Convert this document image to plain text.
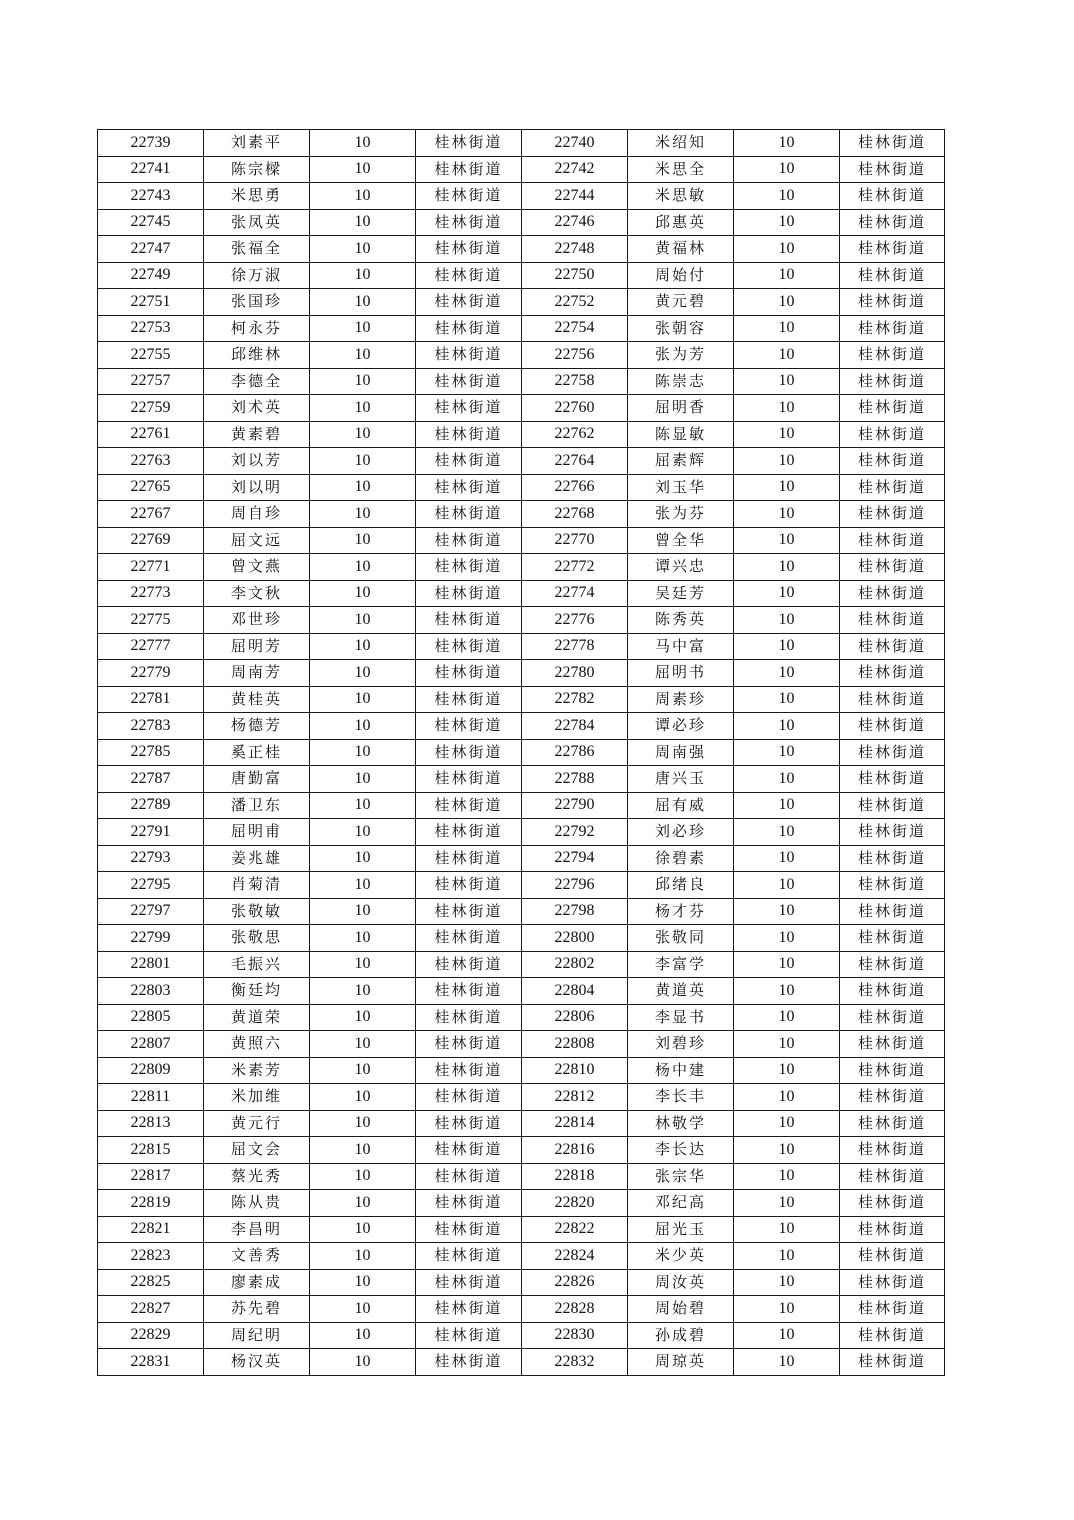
22739	刘素平	10	桂林街道	22740	米绍知	10	桂林街道
22741	陈宗樑	10	桂林街道	22742	米思全	10	桂林街道
22743	米思勇	10	桂林街道	22744	米思敏	10	桂林街道
22745	张凤英	10	桂林街道	22746	邱惠英	10	桂林街道
22747	张福全	10	桂林街道	22748	黄福林	10	桂林街道
22749	徐万淑	10	桂林街道	22750	周始付	10	桂林街道
22751	张国珍	10	桂林街道	22752	黄元碧	10	桂林街道
22753	柯永芬	10	桂林街道	22754	张朝容	10	桂林街道
22755	邱维林	10	桂林街道	22756	张为芳	10	桂林街道
22757	李德全	10	桂林街道	22758	陈崇志	10	桂林街道
22759	刘术英	10	桂林街道	22760	屈明香	10	桂林街道
22761	黄素碧	10	桂林街道	22762	陈显敏	10	桂林街道
22763	刘以芳	10	桂林街道	22764	屈素辉	10	桂林街道
22765	刘以明	10	桂林街道	22766	刘玉华	10	桂林街道
22767	周自珍	10	桂林街道	22768	张为芬	10	桂林街道
22769	屈文远	10	桂林街道	22770	曾全华	10	桂林街道
22771	曾文燕	10	桂林街道	22772	谭兴忠	10	桂林街道
22773	李文秋	10	桂林街道	22774	吴廷芳	10	桂林街道
22775	邓世珍	10	桂林街道	22776	陈秀英	10	桂林街道
22777	屈明芳	10	桂林街道	22778	马中富	10	桂林街道
22779	周南芳	10	桂林街道	22780	屈明书	10	桂林街道
22781	黄桂英	10	桂林街道	22782	周素珍	10	桂林街道
22783	杨德芳	10	桂林街道	22784	谭必珍	10	桂林街道
22785	奚正桂	10	桂林街道	22786	周南强	10	桂林街道
22787	唐勤富	10	桂林街道	22788	唐兴玉	10	桂林街道
22789	潘卫东	10	桂林街道	22790	屈有威	10	桂林街道
22791	屈明甫	10	桂林街道	22792	刘必珍	10	桂林街道
22793	姜兆雄	10	桂林街道	22794	徐碧素	10	桂林街道
22795	肖菊清	10	桂林街道	22796	邱绪良	10	桂林街道
22797	张敬敏	10	桂林街道	22798	杨才芬	10	桂林街道
22799	张敬思	10	桂林街道	22800	张敬同	10	桂林街道
22801	毛振兴	10	桂林街道	22802	李富学	10	桂林街道
22803	衡廷均	10	桂林街道	22804	黄道英	10	桂林街道
22805	黄道荣	10	桂林街道	22806	李显书	10	桂林街道
22807	黄照六	10	桂林街道	22808	刘碧珍	10	桂林街道
22809	米素芳	10	桂林街道	22810	杨中建	10	桂林街道
22811	米加维	10	桂林街道	22812	李长丰	10	桂林街道
22813	黄元行	10	桂林街道	22814	林敬学	10	桂林街道
22815	屈文会	10	桂林街道	22816	李长达	10	桂林街道
22817	蔡光秀	10	桂林街道	22818	张宗华	10	桂林街道
22819	陈从贵	10	桂林街道	22820	邓纪高	10	桂林街道
22821	李昌明	10	桂林街道	22822	屈光玉	10	桂林街道
22823	文善秀	10	桂林街道	22824	米少英	10	桂林街道
22825	廖素成	10	桂林街道	22826	周汝英	10	桂林街道
22827	苏先碧	10	桂林街道	22828	周始碧	10	桂林街道
22829	周纪明	10	桂林街道	22830	孙成碧	10	桂林街道
22831	杨汉英	10	桂林街道	22832	周琼英	10	桂林街道
